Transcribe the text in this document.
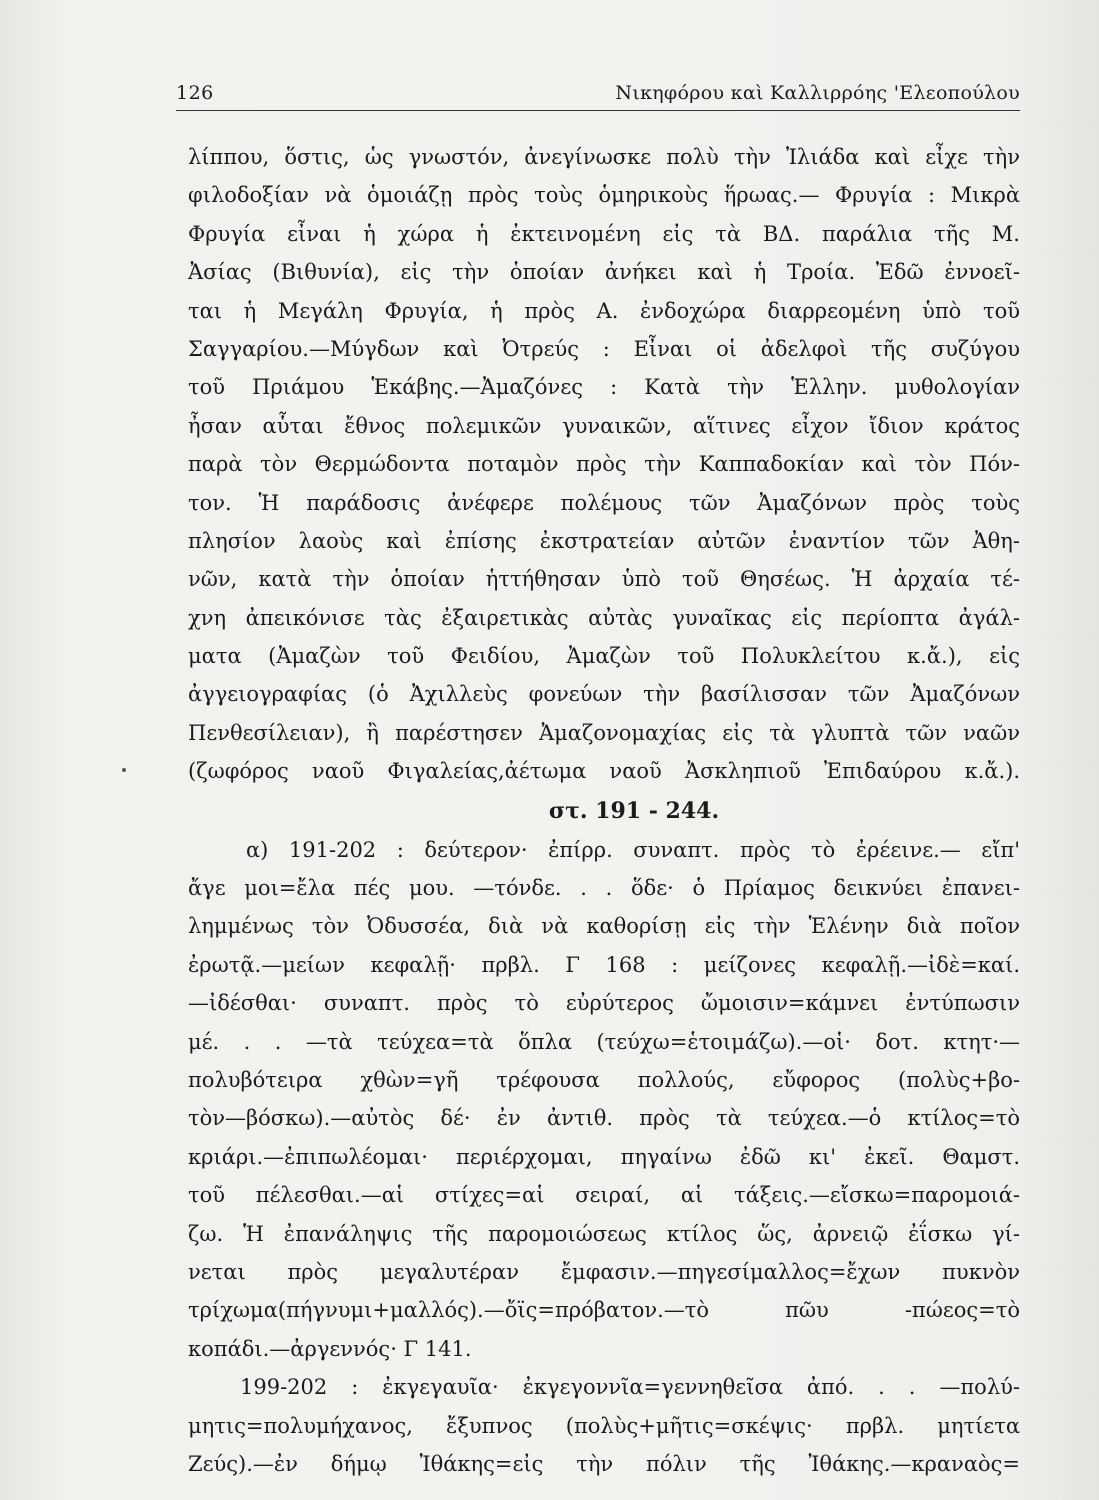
126	Νικηφόρου καὶ Καλλιρρόης 'Ελεοπούλου
λίππου, ὅστις, ὡς γνωστόν, ἀνεγίνωσκε πολὺ τὴν Ἰλιάδα καὶ εἶχε τὴν
φιλοδοξίαν νὰ ὁμοιάζῃ πρὸς τοὺς ὁμηρικοὺς ἥρωας.— Φρυγία : Μικρὰ
Φρυγία εἶναι ἡ χώρα ἡ ἐκτεινομένη εἰς τὰ ΒΔ. παράλια τῆς Μ.
Ἀσίας (Βιθυνία), εἰς τὴν ὁποίαν ἀνήκει καὶ ἡ Τροία. Ἐδῶ ἐννοεῖ-
ται ἡ Μεγάλη Φρυγία, ἡ πρὸς Α. ἐνδοχώρα διαρρεομένη ὑπὸ τοῦ
Σαγγαρίου.—Μύγδων καὶ Ὀτρεύς : Εἶναι οἱ ἀδελφοὶ τῆς συζύγου
τοῦ Πριάμου Ἑκάβης.—Ἀμαζόνες : Κατὰ τὴν Ἑλλην. μυθολογίαν
ἦσαν αὗται ἔθνος πολεμικῶν γυναικῶν, αἵτινες εἶχον ἴδιον κράτος
παρὰ τὸν Θερμώδοντα ποταμὸν πρὸς τὴν Καππαδοκίαν καὶ τὸν Πόν-
τον. Ἡ παράδοσις ἀνέφερε πολέμους τῶν Ἀμαζόνων πρὸς τοὺς
πλησίον λαοὺς καὶ ἐπίσης ἐκστρατείαν αὐτῶν ἐναντίον τῶν Ἀθη-
νῶν, κατὰ τὴν ὁποίαν ἡττήθησαν ὑπὸ τοῦ Θησέως. Ἡ ἀρχαία τέ-
χνη ἀπεικόνισε τὰς ἐξαιρετικὰς αὐτὰς γυναῖκας εἰς περίοπτα ἀγάλ-
ματα (Ἀμαζὼν τοῦ Φειδίου, Ἀμαζὼν τοῦ Πολυκλείτου κ.ἄ.), εἰς
ἀγγειογραφίας (ὁ Ἀχιλλεὺς φονεύων τὴν βασίλισσαν τῶν Ἀμαζόνων
Πενθεσίλειαν), ἢ παρέστησεν Ἀμαζονομαχίας εἰς τὰ γλυπτὰ τῶν ναῶν
(ζωφόρος ναοῦ Φιγαλείας,ἀέτωμα ναοῦ Ἀσκληπιοῦ Ἐπιδαύρου κ.ἄ.).
στ. 191 - 244.
α) 191-202 : δεύτερον· ἐπίρρ. συναπτ. πρὸς τὸ ἐρέεινε.— εἴπ'
ἄγε μοι=ἔλα πές μου. —τόνδε. . . ὅδε· ὁ Πρίαμος δεικνύει ἐπανει-
λημμένως τὸν Ὀδυσσέα, διὰ νὰ καθορίσῃ εἰς τὴν Ἑλένην διὰ ποῖον
ἐρωτᾷ.—μείων κεφαλῇ· πρβλ. Γ 168 : μείζονες κεφαλῇ.—ἰδὲ=καί.
—ἰδέσθαι· συναπτ. πρὸς τὸ εὐρύτερος ὤμοισιν=κάμνει ἐντύπωσιν
μέ. . . —τὰ τεύχεα=τὰ ὅπλα (τεύχω=ἑτοιμάζω).—οἱ· δοτ. κτητ·—
πολυβότειρα χθὼν=γῆ τρέφουσα πολλούς, εὔφορος (πολὺς+βο-
τὸν—βόσκω).—αὐτὸς δέ· ἐν ἀντιθ. πρὸς τὰ τεύχεα.—ὁ κτίλος=τὸ
κριάρι.—ἐπιπωλέομαι· περιέρχομαι, πηγαίνω ἐδῶ κι' ἐκεῖ. Θαμστ.
τοῦ πέλεσθαι.—αἱ στίχες=αἱ σειραί, αἱ τάξεις.—εἴσκω=παρομοιά-
ζω. Ἡ ἐπανάληψις τῆς παρομοιώσεως κτίλος ὥς, ἀρνειῷ ἐΐσκω γί-
νεται πρὸς μεγαλυτέραν ἔμφασιν.—πηγεσίμαλλος=ἔχων πυκνὸν
τρίχωμα(πήγνυμι+μαλλός).—ὄϊς=πρόβατον.—τὸ πῶυ -πώεος=τὸ
κοπάδι.—ἀργεννός· Γ 141.
199-202 : ἐκγεγαυῖα· ἐκγεγοννῖα=γεννηθεῖσα ἀπό. . . —πολύ-
μητις=πολυμήχανος, ἔξυπνος (πολὺς+μῆτις=σκέψις· πρβλ. μητίετα
Ζεύς).—ἐν δήμῳ Ἰθάκης=εἰς τὴν πόλιν τῆς Ἰθάκης.—κραναὸς=
